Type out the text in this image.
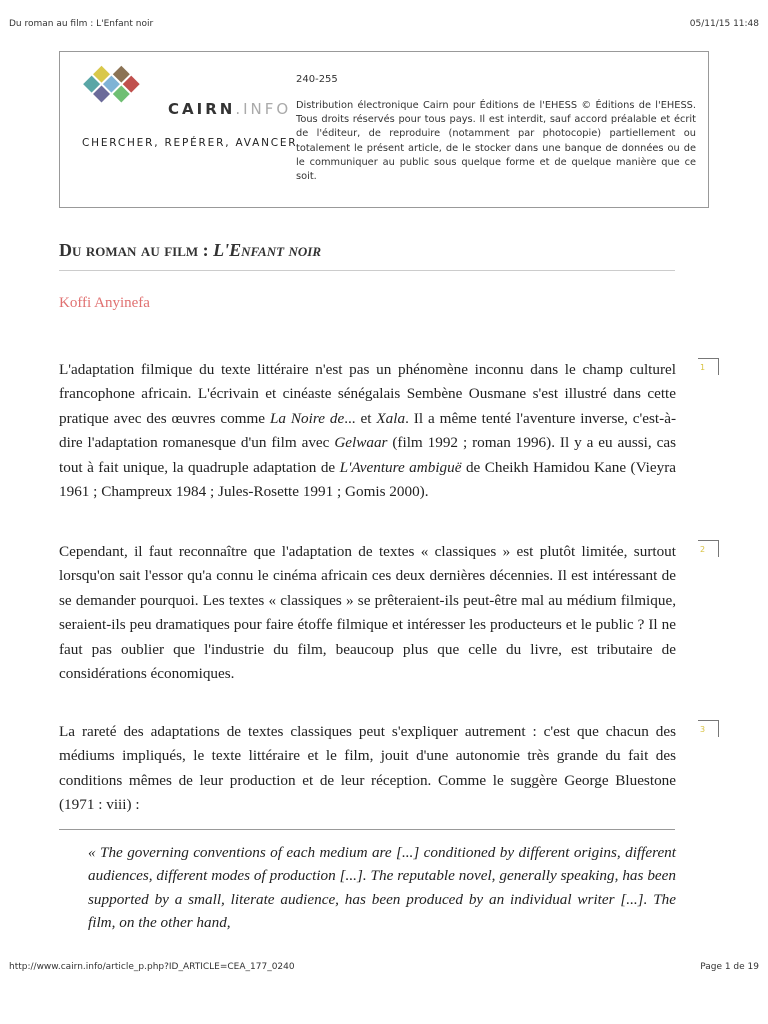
Du roman au film : L'Enfant noir	05/11/15 11:48
CAIRN.INFO
CHERCHER, REPÉRER, AVANCER
240-255
Distribution électronique Cairn pour Éditions de l'EHESS © Éditions de l'EHESS. Tous droits réservés pour tous pays. Il est interdit, sauf accord préalable et écrit de l'éditeur, de reproduire (notamment par photocopie) partiellement ou totalement le présent article, de le stocker dans une banque de données ou de le communiquer au public sous quelque forme et de quelque manière que ce soit.
Du roman au film : L'Enfant noir
Koffi Anyinefa
L'adaptation filmique du texte littéraire n'est pas un phénomène inconnu dans le champ culturel francophone africain. L'écrivain et cinéaste sénégalais Sembène Ousmane s'est illustré dans cette pratique avec des œuvres comme La Noire de... et Xala. Il a même tenté l'aventure inverse, c'est-à-dire l'adaptation romanesque d'un film avec Gelwaar (film 1992 ; roman 1996). Il y a eu aussi, cas tout à fait unique, la quadruple adaptation de L'Aventure ambiguë de Cheikh Hamidou Kane (Vieyra 1961 ; Champreux 1984 ; Jules-Rosette 1991 ; Gomis 2000).
1
Cependant, il faut reconnaître que l'adaptation de textes « classiques » est plutôt limitée, surtout lorsqu'on sait l'essor qu'a connu le cinéma africain ces deux dernières décennies. Il est intéressant de se demander pourquoi. Les textes « classiques » se prêteraient-ils peut-être mal au médium filmique, seraient-ils peu dramatiques pour faire étoffe filmique et intéresser les producteurs et le public ? Il ne faut pas oublier que l'industrie du film, beaucoup plus que celle du livre, est tributaire de considérations économiques.
2
La rareté des adaptations de textes classiques peut s'expliquer autrement : c'est que chacun des médiums impliqués, le texte littéraire et le film, jouit d'une autonomie très grande du fait des conditions mêmes de leur production et de leur réception. Comme le suggère George Bluestone (1971 : viii) :
3
« The governing conventions of each medium are [...] conditioned by different origins, different audiences, different modes of production [...]. The reputable novel, generally speaking, has been supported by a small, literate audience, has been produced by an individual writer [...]. The film, on the other hand,
http://www.cairn.info/article_p.php?ID_ARTICLE=CEA_177_0240	Page 1 de 19
